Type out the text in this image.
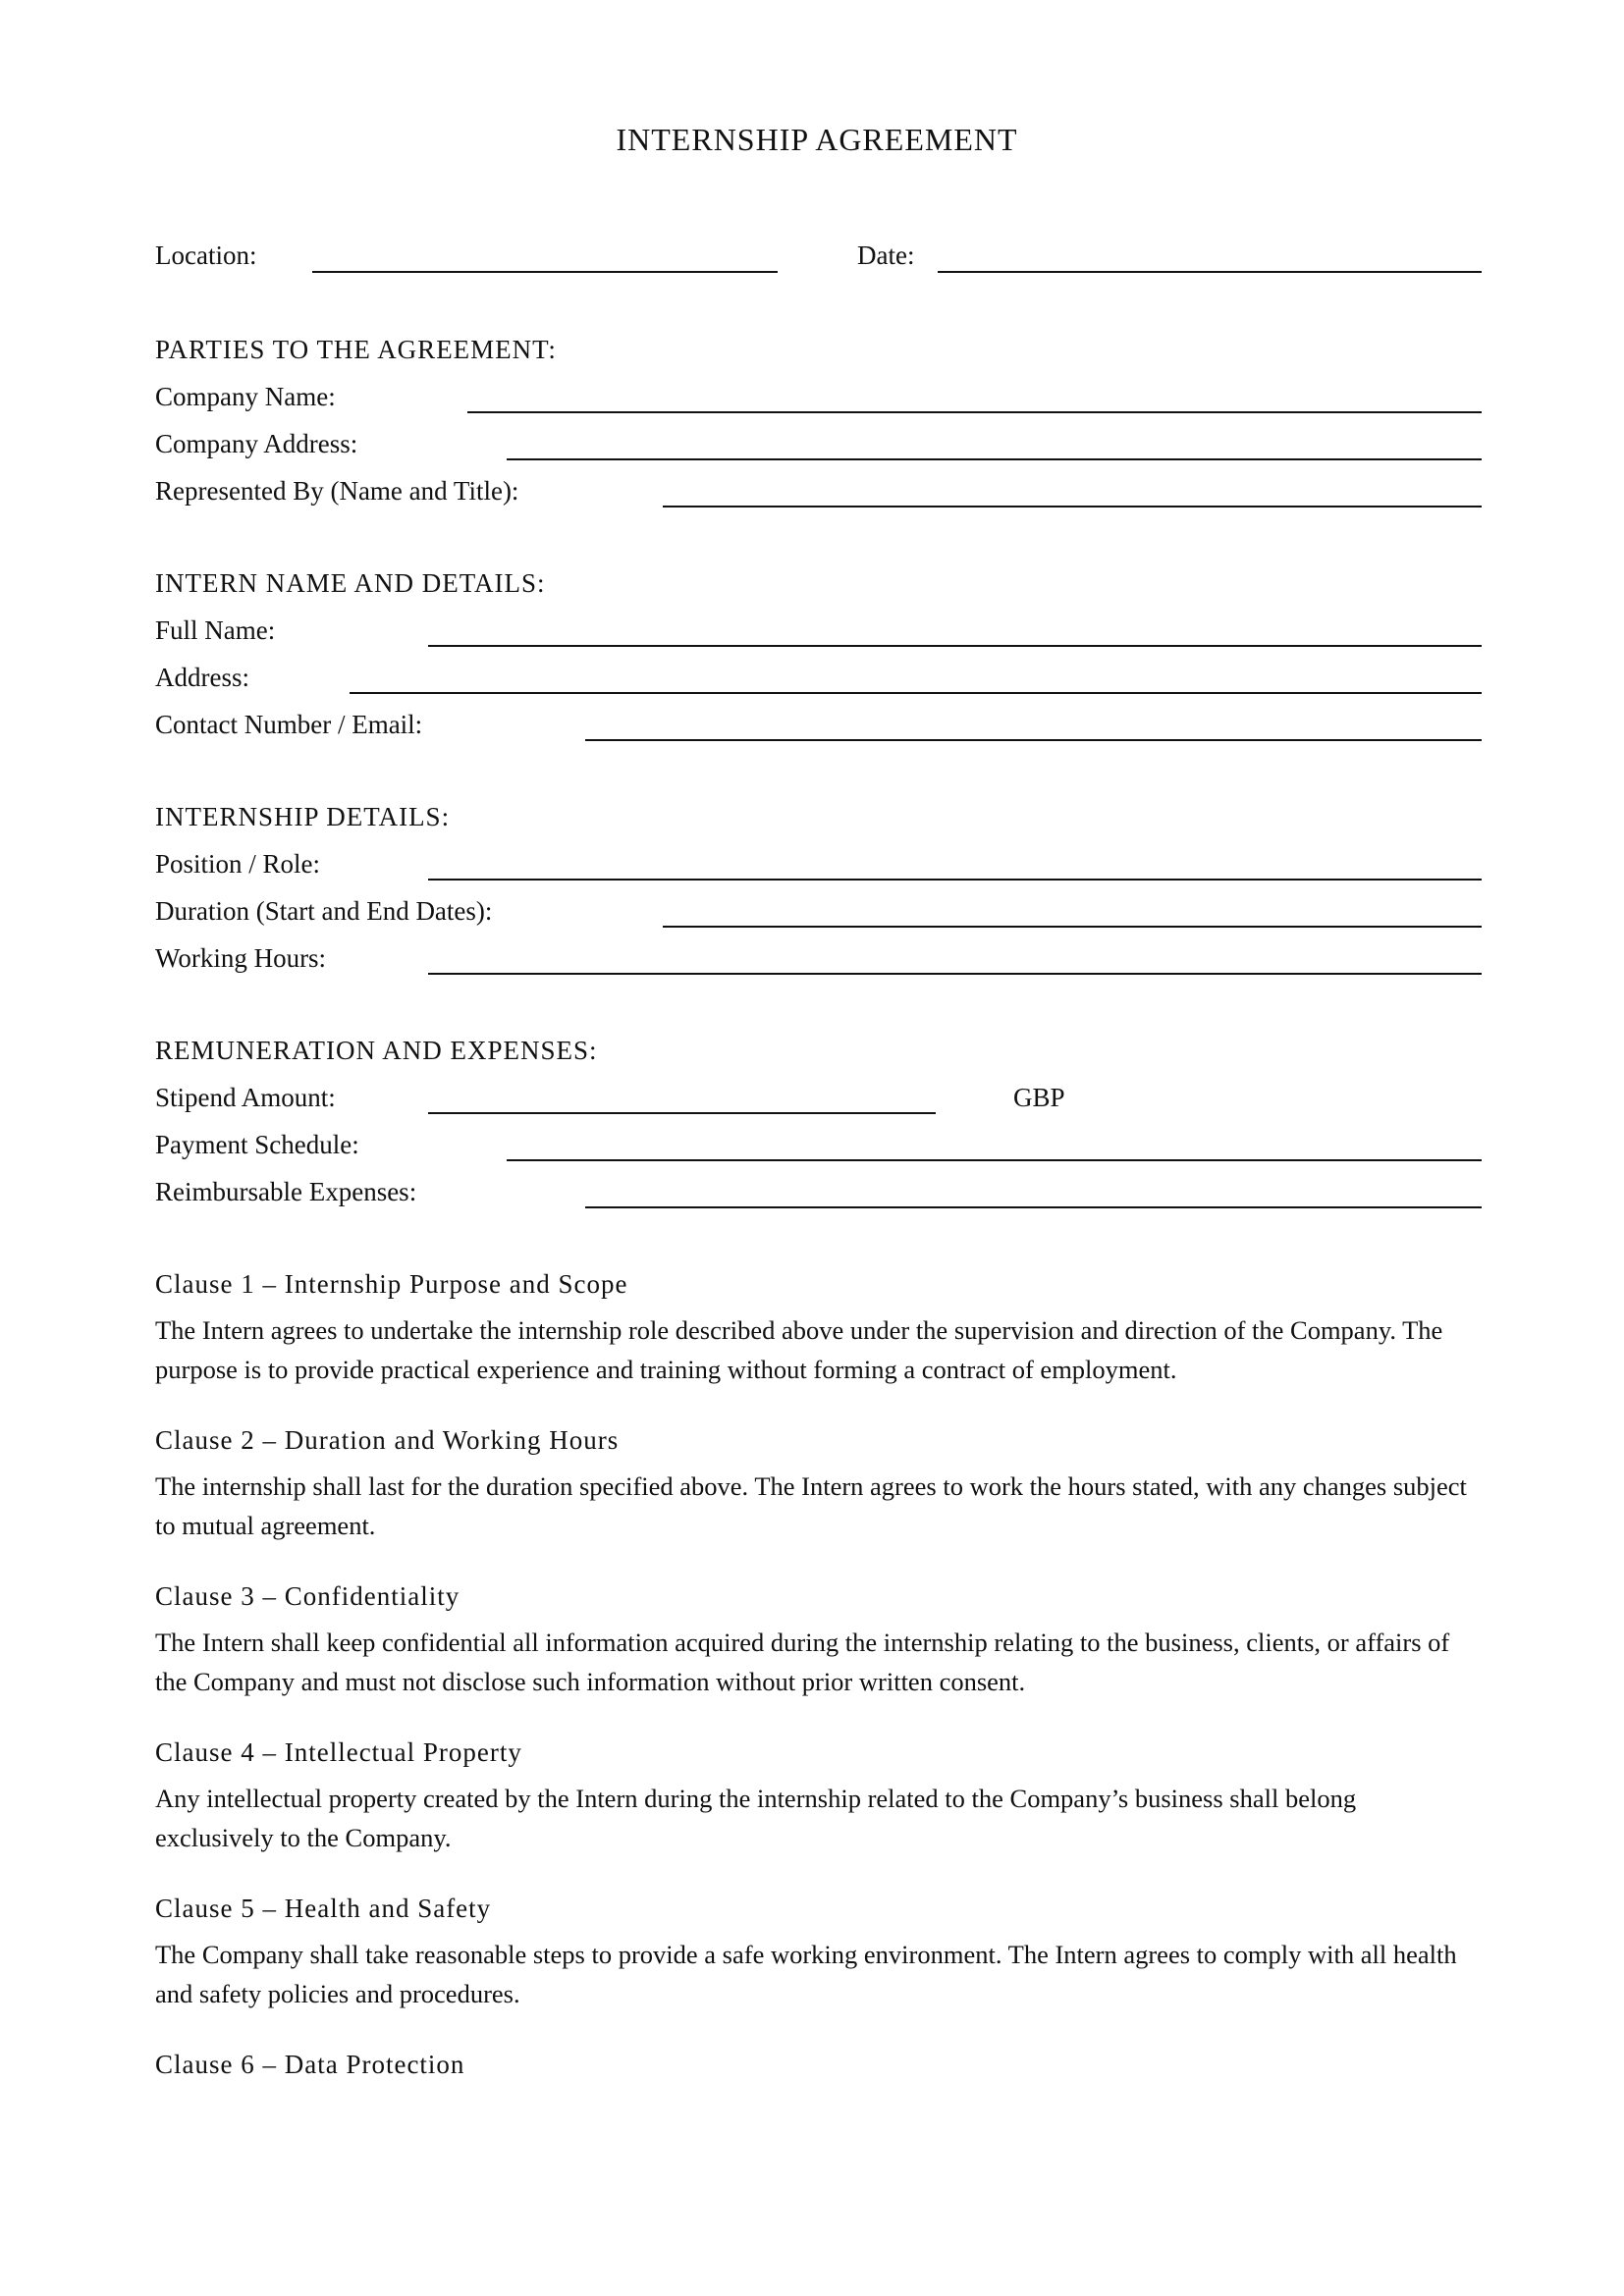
INTERNSHIP AGREEMENT
Location:	Date:
PARTIES TO THE AGREEMENT:
Company Name:
Company Address:
Represented By (Name and Title):
INTERN NAME AND DETAILS:
Full Name:
Address:
Contact Number / Email:
INTERNSHIP DETAILS:
Position / Role:
Duration (Start and End Dates):
Working Hours:
REMUNERATION AND EXPENSES:
Stipend Amount:	GBP
Payment Schedule:
Reimbursable Expenses:
Clause 1 – Internship Purpose and Scope
The Intern agrees to undertake the internship role described above under the supervision and direction of the Company. The purpose is to provide practical experience and training without forming a contract of employment.
Clause 2 – Duration and Working Hours
The internship shall last for the duration specified above. The Intern agrees to work the hours stated, with any changes subject to mutual agreement.
Clause 3 – Confidentiality
The Intern shall keep confidential all information acquired during the internship relating to the business, clients, or affairs of the Company and must not disclose such information without prior written consent.
Clause 4 – Intellectual Property
Any intellectual property created by the Intern during the internship related to the Company’s business shall belong exclusively to the Company.
Clause 5 – Health and Safety
The Company shall take reasonable steps to provide a safe working environment. The Intern agrees to comply with all health and safety policies and procedures.
Clause 6 – Data Protection
